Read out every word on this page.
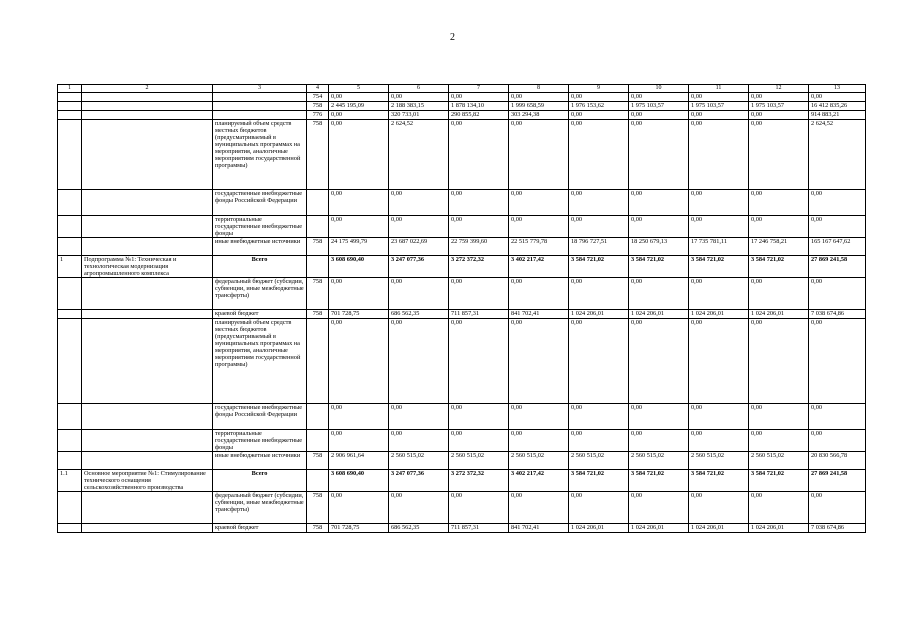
2
1	2	3	4	5	6	7	8	9	10	11	12	13
			754	0,00	0,00	0,00	0,00	0,00	0,00	0,00	0,00	0,00
			758	2 445 195,09	2 188 383,15	1 878 134,10	1 999 658,59	1 976 153,62	1 975 103,57	1 975 103,57	1 975 103,57	16 412 835,26
			776	0,00	320 733,01	290 855,82	303 294,38	0,00	0,00	0,00	0,00	914 883,21
		планируемый объем средств местных бюджетов (предусматриваемый в муниципальных программах на мероприятия, аналогичные мероприятиям государственной программы)	758	0,00	2 624,52	0,00	0,00	0,00	0,00	0,00	0,00	2 624,52
		государственные внебюджетные фонды Российской Федерации		0,00	0,00	0,00	0,00	0,00	0,00	0,00	0,00	0,00
		территориальные государственные внебюджетные фонды		0,00	0,00	0,00	0,00	0,00	0,00	0,00	0,00	0,00
		иные внебюджетные источники	758	24 175 499,79	23 687 022,69	22 759 399,60	22 515 779,78	18 796 727,51	18 250 679,13	17 735 781,11	17 246 758,21	165 167 647,62
1	Подпрограмма №1: Техническая и технологическая модернизация агропромышленного комплекса	Всего		3 608 690,40	3 247 077,36	3 272 372,32	3 402 217,42	3 584 721,02	3 584 721,02	3 584 721,02	3 584 721,02	27 869 241,58
		федеральный бюджет (субсидии, субвенции, иные межбюджетные трансферты)	758	0,00	0,00	0,00	0,00	0,00	0,00	0,00	0,00	0,00
		краевой бюджет	758	701 728,75	686 562,35	711 857,31	841 702,41	1 024 206,01	1 024 206,01	1 024 206,01	1 024 206,01	7 038 674,86
		планируемый объем средств местных бюджетов (предусматриваемый в муниципальных программах на мероприятия, аналогичные мероприятиям государственной программы)		0,00	0,00	0,00	0,00	0,00	0,00	0,00	0,00	0,00
		государственные внебюджетные фонды Российской Федерации		0,00	0,00	0,00	0,00	0,00	0,00	0,00	0,00	0,00
		территориальные государственные внебюджетные фонды		0,00	0,00	0,00	0,00	0,00	0,00	0,00	0,00	0,00
		иные внебюджетные источники	758	2 906 961,64	2 560 515,02	2 560 515,02	2 560 515,02	2 560 515,02	2 560 515,02	2 560 515,02	2 560 515,02	20 830 566,78
1.1	Основное мероприятие №1: Стимулирование технического оснащения сельскохозяйственного производства	Всего		3 608 690,40	3 247 077,36	3 272 372,32	3 402 217,42	3 584 721,02	3 584 721,02	3 584 721,02	3 584 721,02	27 869 241,58
		федеральный бюджет (субсидии, субвенции, иные межбюджетные трансферты)	758	0,00	0,00	0,00	0,00	0,00	0,00	0,00	0,00	0,00
		краевой бюджет	758	701 728,75	686 562,35	711 857,31	841 702,41	1 024 206,01	1 024 206,01	1 024 206,01	1 024 206,01	7 038 674,86
